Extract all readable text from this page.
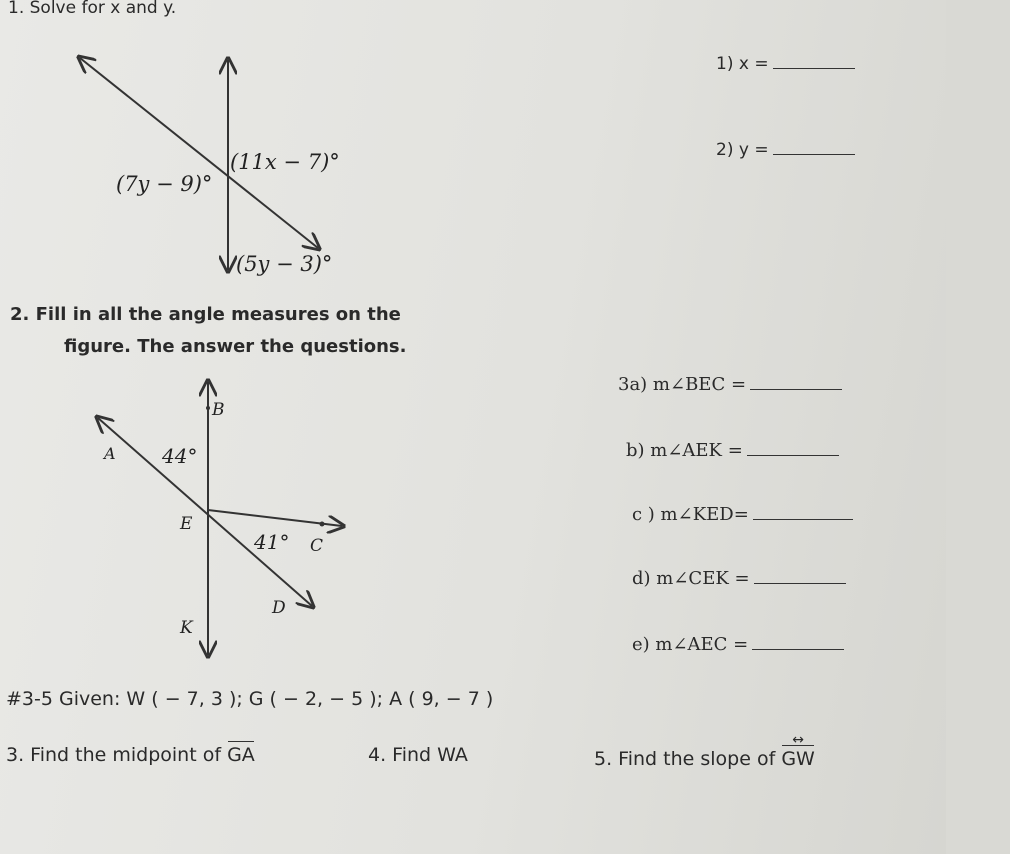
1. Solve for x and y.
(11x − 7)°
(7y − 9)°
(5y − 3)°
1) x =
2) y =
2. Fill in all the angle measures on the
figure. The answer the questions.
B
A 44°
E
41° C
D
K
3a) m∠BEC =
b) m∠AEK =
c ) m∠KED=
d) m∠CEK =
e) m∠AEC =
#3-5 Given: W ( − 7, 3 ); G ( − 2, − 5 ); A ( 9, − 7 )
3. Find the midpoint of GA	4. Find WA	5. Find the slope of GW ↔
